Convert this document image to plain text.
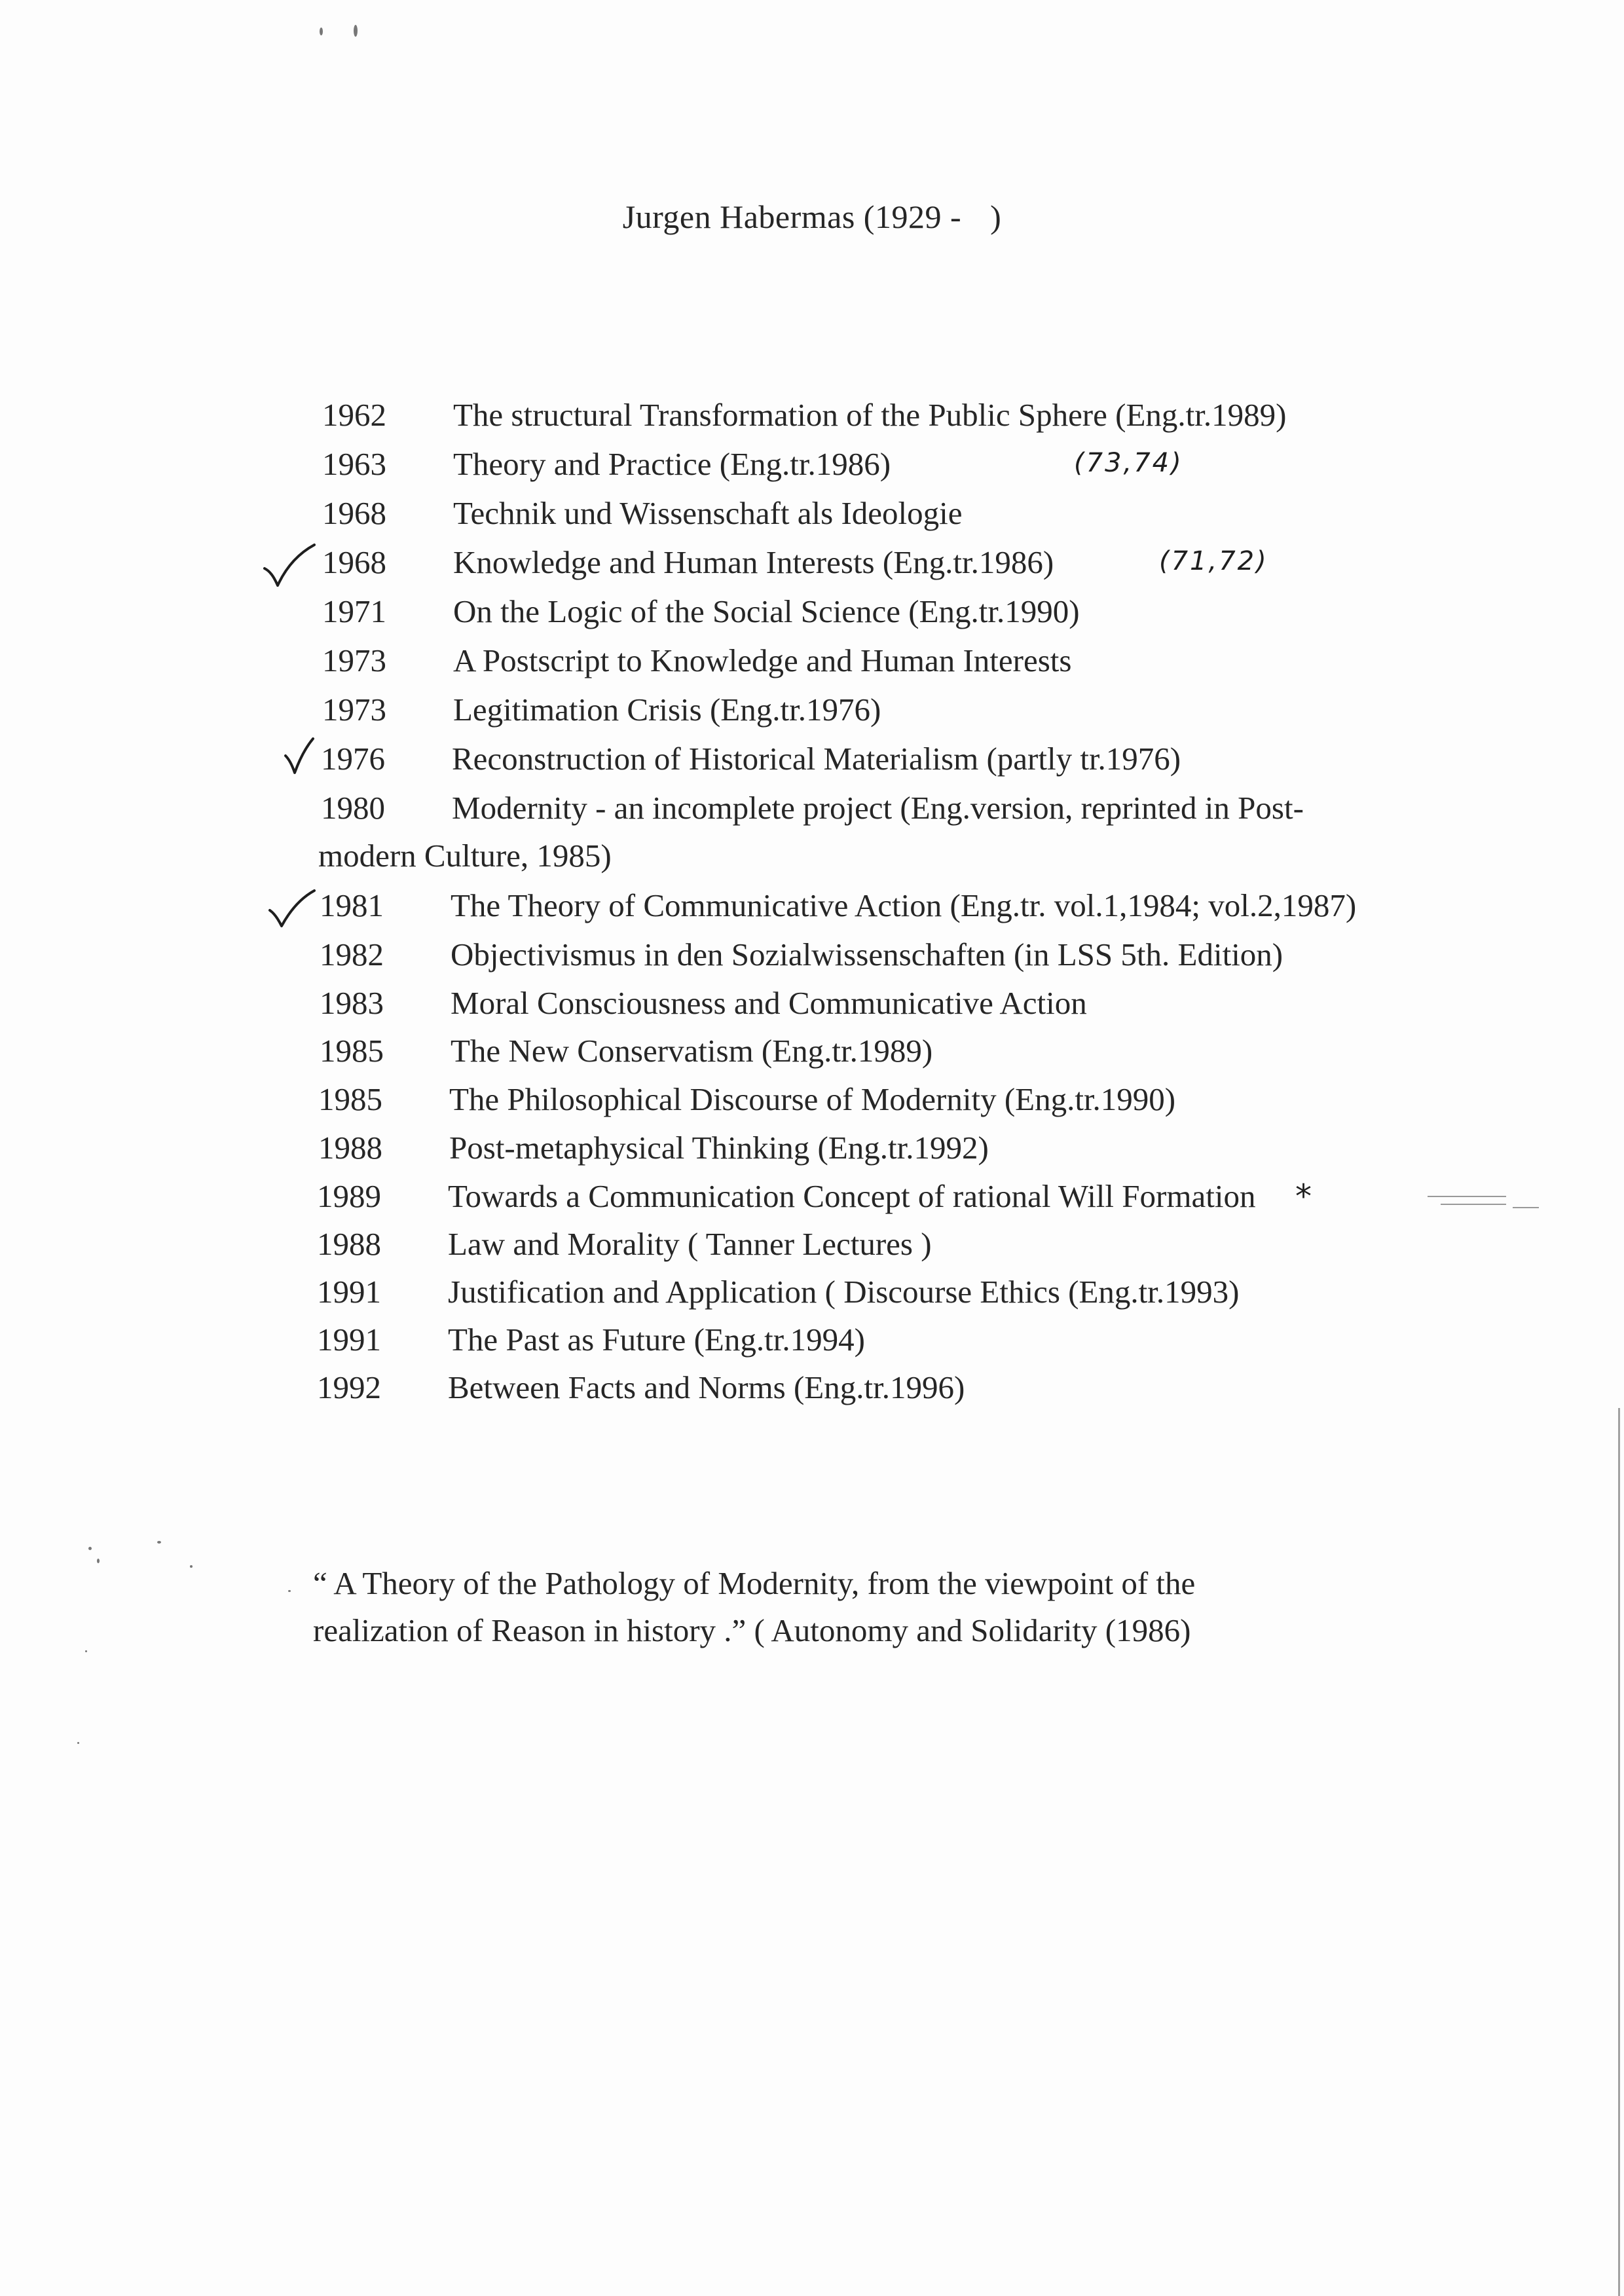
Jurgen Habermas (1929 - )
1962 The structural Transformation of the Public Sphere (Eng.tr.1989)
1963 Theory and Practice (Eng.tr.1986)
1968 Technik und Wissenschaft als Ideologie
1968 Knowledge and Human Interests (Eng.tr.1986)
1971 On the Logic of the Social Science (Eng.tr.1990)
1973 A Postscript to Knowledge and Human Interests
1973 Legitimation Crisis (Eng.tr.1976)
1976 Reconstruction of Historical Materialism (partly tr.1976)
1980 Modernity - an incomplete project (Eng.version, reprinted in Post-
modern Culture, 1985)
1981 The Theory of Communicative Action (Eng.tr. vol.1,1984; vol.2,1987)
1982 Objectivismus in den Sozialwissenschaften (in LSS 5th. Edition)
1983 Moral Consciousness and Communicative Action
1985 The New Conservatism (Eng.tr.1989)
1985 The Philosophical Discourse of Modernity (Eng.tr.1990)
1988 Post-metaphysical Thinking (Eng.tr.1992)
1989 Towards a Communication Concept of rational Will Formation
1988 Law and Morality ( Tanner Lectures )
1991 Justification and Application ( Discourse Ethics (Eng.tr.1993)
1991 The Past as Future (Eng.tr.1994)
1992 Between Facts and Norms (Eng.tr.1996)
(73,74)
(71,72)
*
“ A Theory of the Pathology of Modernity, from the viewpoint of the
realization of Reason in history .” ( Autonomy and Solidarity (1986)
